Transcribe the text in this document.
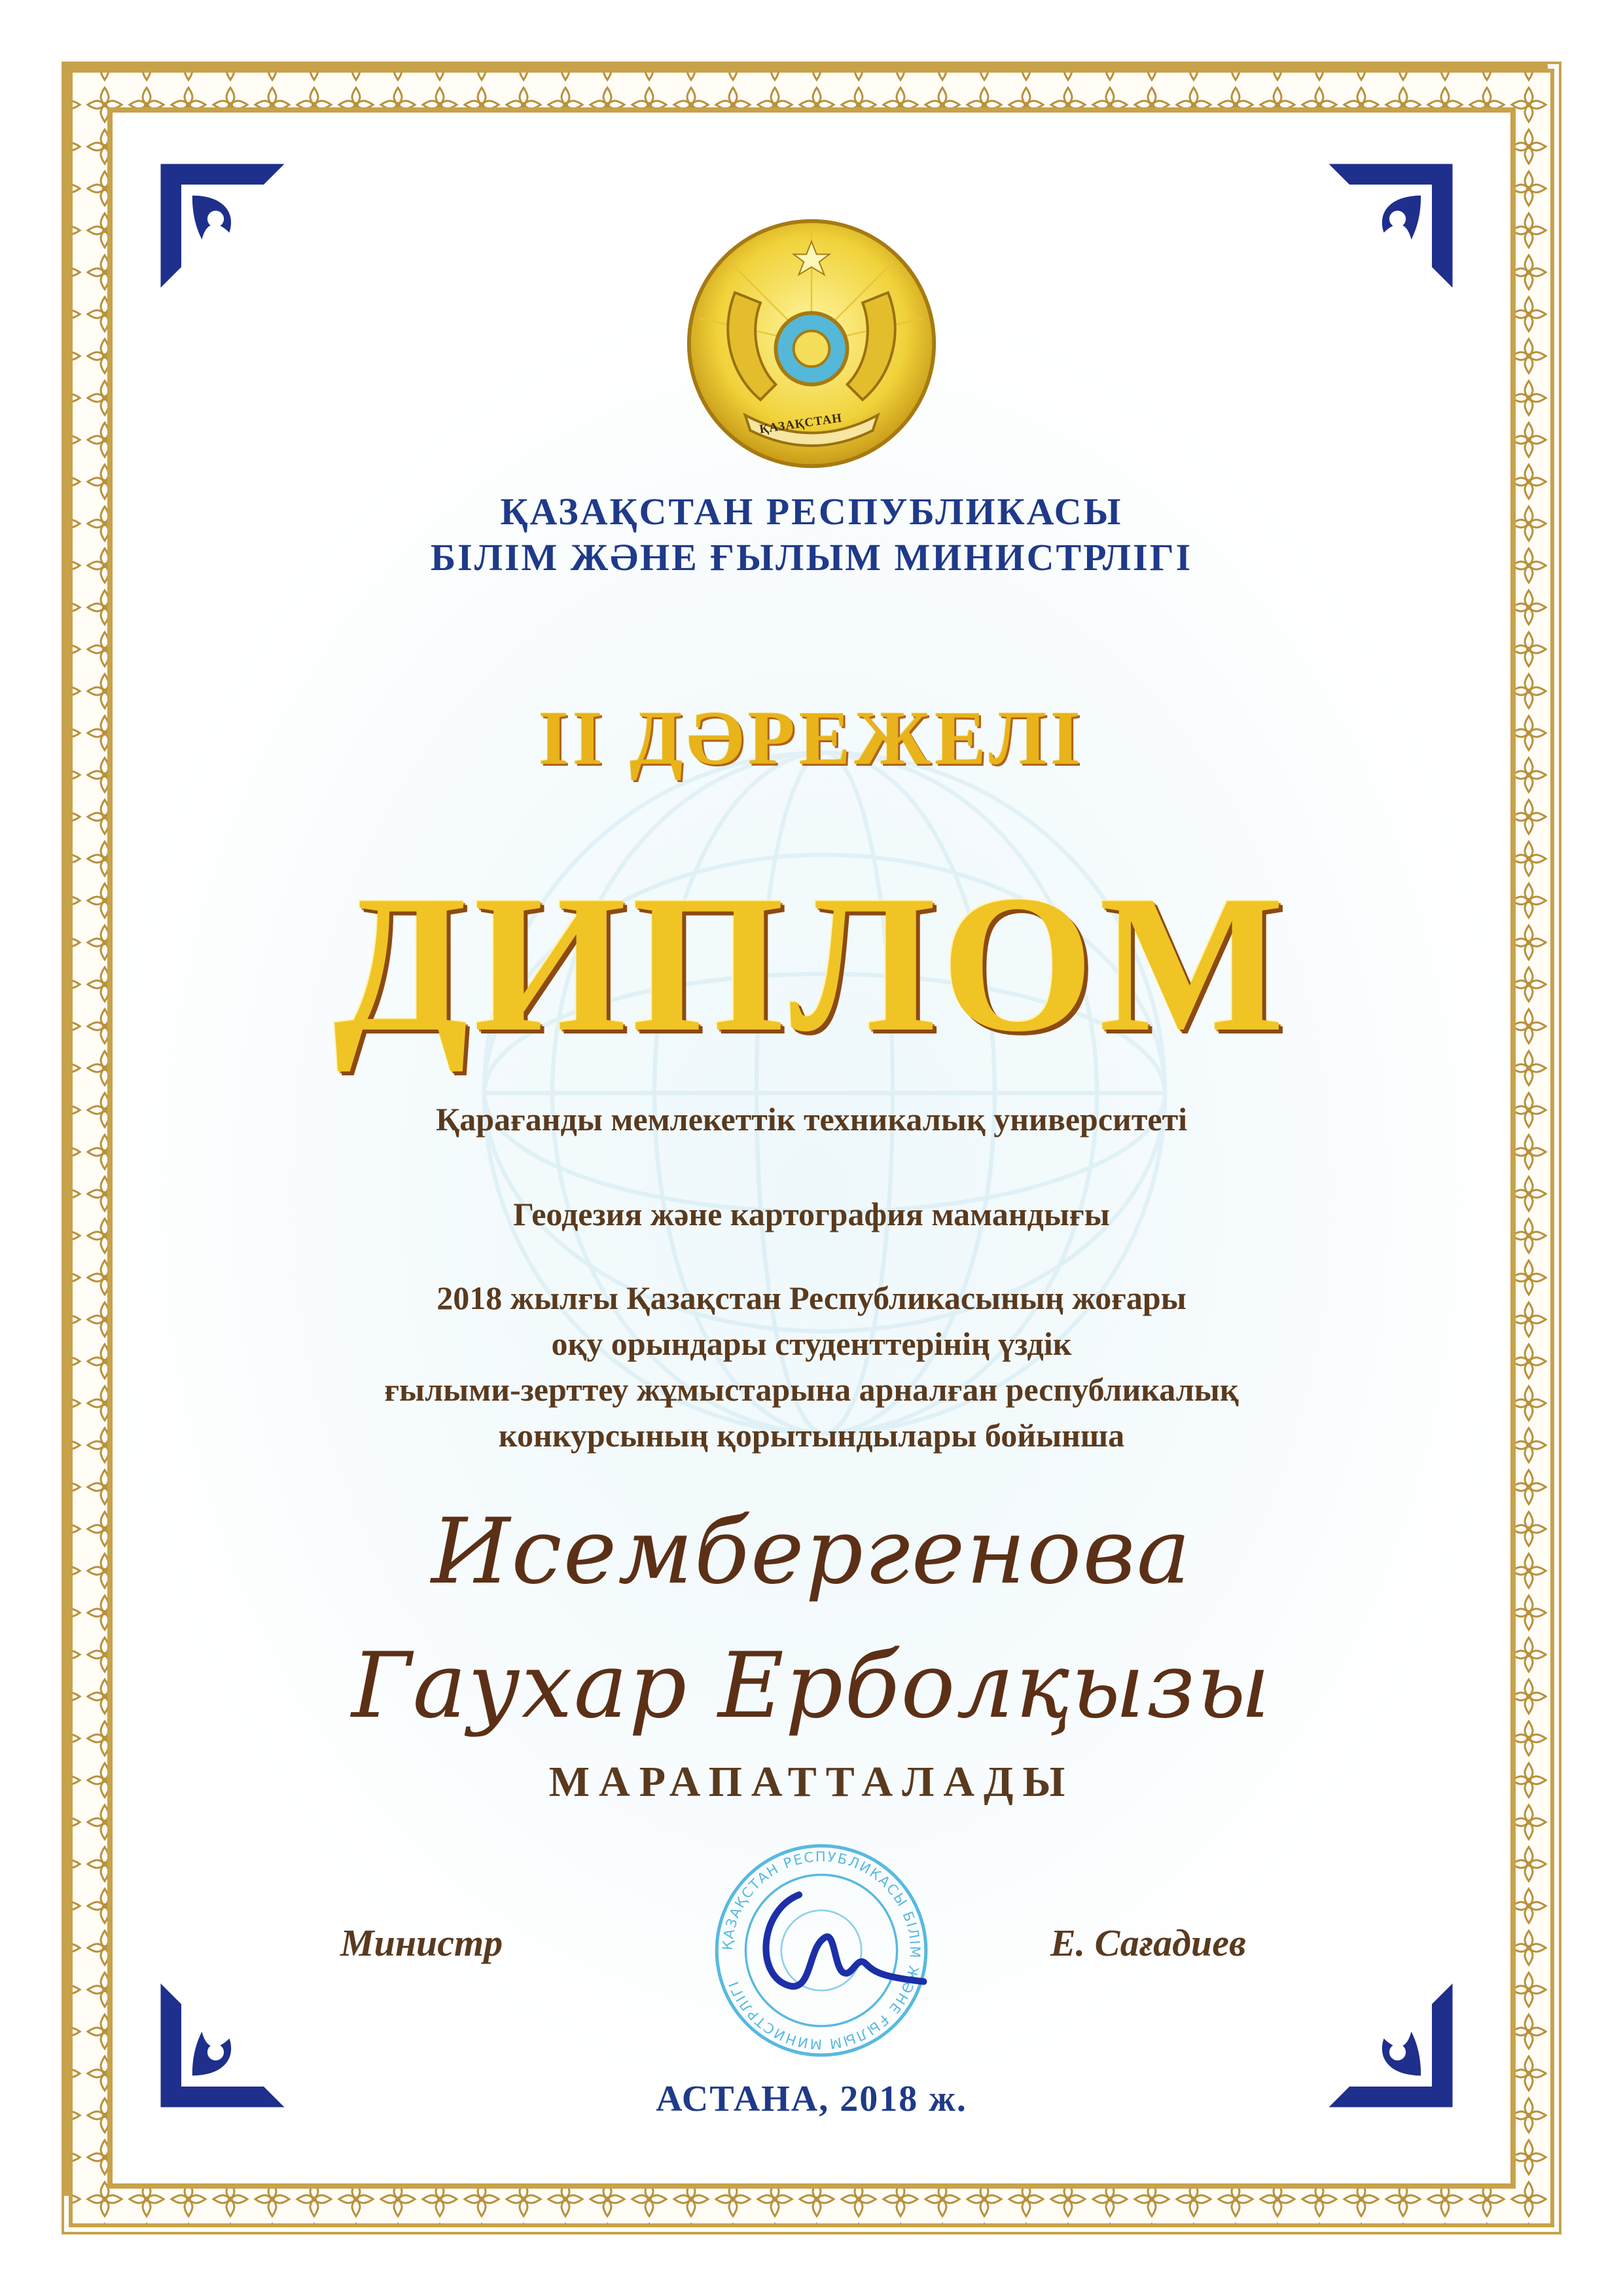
ҚАЗАҚСТАН
ҚАЗАҚСТАН РЕСПУБЛИКАСЫ
БІЛІМ ЖӘНЕ ҒЫЛЫМ МИНИСТРЛІГІ
II ДӘРЕЖЕЛІ
ДИПЛОМ
Қарағанды мемлекеттік техникалық университеті
Геодезия және картография мамандығы
2018 жылғы Қазақстан Республикасының жоғары
оқу орындары студенттерінің үздік
ғылыми-зерттеу жұмыстарына арналған республикалық
конкурсының қорытындылары бойынша
Исембергенова
Гаухар Ерболқызы
МАРАПАТТАЛАДЫ
Министр	Е. Сағадиев
ҚАЗАҚСТАН РЕСПУБЛИКАСЫ БІЛІМ ЖӘНЕ ҒЫЛЫМ МИНИСТРЛІГІ
АСТАНА, 2018 ж.
